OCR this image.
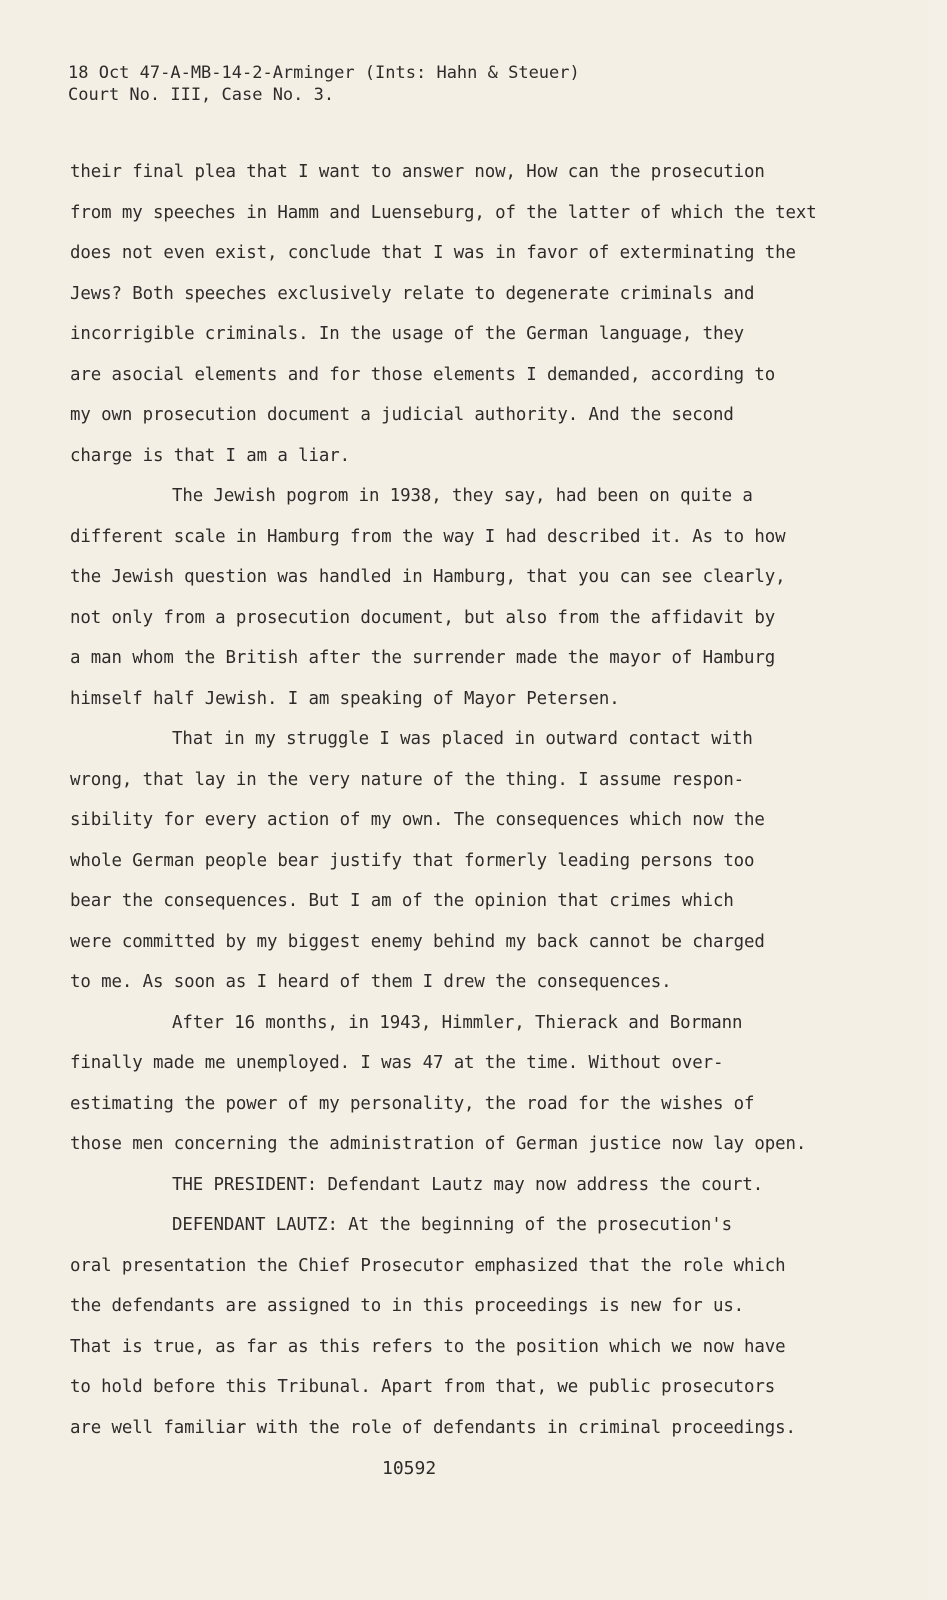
18 Oct 47-A-MB-14-2-Arminger (Ints: Hahn & Steuer)
Court No. III, Case No. 3.
their final plea that I want to answer now, How can the prosecution
from my speeches in Hamm and Luenseburg, of the latter of which the text
does not even exist, conclude that I was in favor of exterminating the
Jews? Both speeches exclusively relate to degenerate criminals and
incorrigible criminals. In the usage of the German language, they
are asocial elements and for those elements I demanded, according to
my own prosecution document a judicial authority. And the second
charge is that I am a liar.
The Jewish pogrom in 1938, they say, had been on quite a
different scale in Hamburg from the way I had described it. As to how
the Jewish question was handled in Hamburg, that you can see clearly,
not only from a prosecution document, but also from the affidavit by
a man whom the British after the surrender made the mayor of Hamburg
himself half Jewish. I am speaking of Mayor Petersen.
That in my struggle I was placed in outward contact with
wrong, that lay in the very nature of the thing. I assume respon-
sibility for every action of my own. The consequences which now the
whole German people bear justify that formerly leading persons too
bear the consequences. But I am of the opinion that crimes which
were committed by my biggest enemy behind my back cannot be charged
to me. As soon as I heard of them I drew the consequences.
After 16 months, in 1943, Himmler, Thierack and Bormann
finally made me unemployed. I was 47 at the time. Without over-
estimating the power of my personality, the road for the wishes of
those men concerning the administration of German justice now lay open.
THE PRESIDENT: Defendant Lautz may now address the court.
DEFENDANT LAUTZ: At the beginning of the prosecution's
oral presentation the Chief Prosecutor emphasized that the role which
the defendants are assigned to in this proceedings is new for us.
That is true, as far as this refers to the position which we now have
to hold before this Tribunal. Apart from that, we public prosecutors
are well familiar with the role of defendants in criminal proceedings.
10592
